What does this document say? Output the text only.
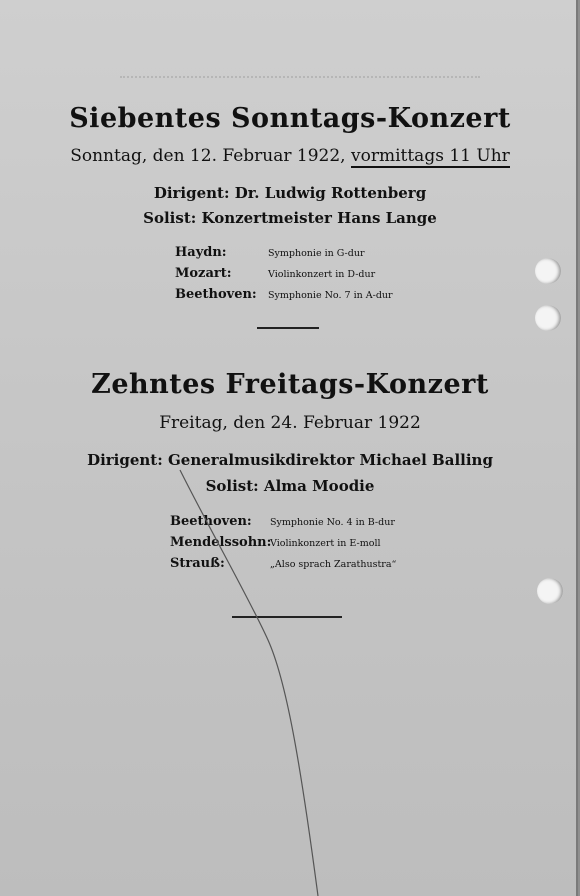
Siebentes Sonntags-Konzert
Sonntag, den 12. Februar 1922, vormittags 11 Uhr
Dirigent: Dr. Ludwig Rottenberg
Solist: Konzertmeister Hans Lange
Haydn:	Symphonie in G-dur
Mozart:	Violinkonzert in D-dur
Beethoven: Symphonie No. 7 in A-dur
Zehntes Freitags-Konzert
Freitag, den 24. Februar 1922
Dirigent: Generalmusikdirektor Michael Balling
Solist: Alma Moodie
Beethoven: Symphonie No. 4 in B-dur
Mendelssohn:
Violinkonzert in E-moll
Strauß:	„Also sprach Zarathustra“
